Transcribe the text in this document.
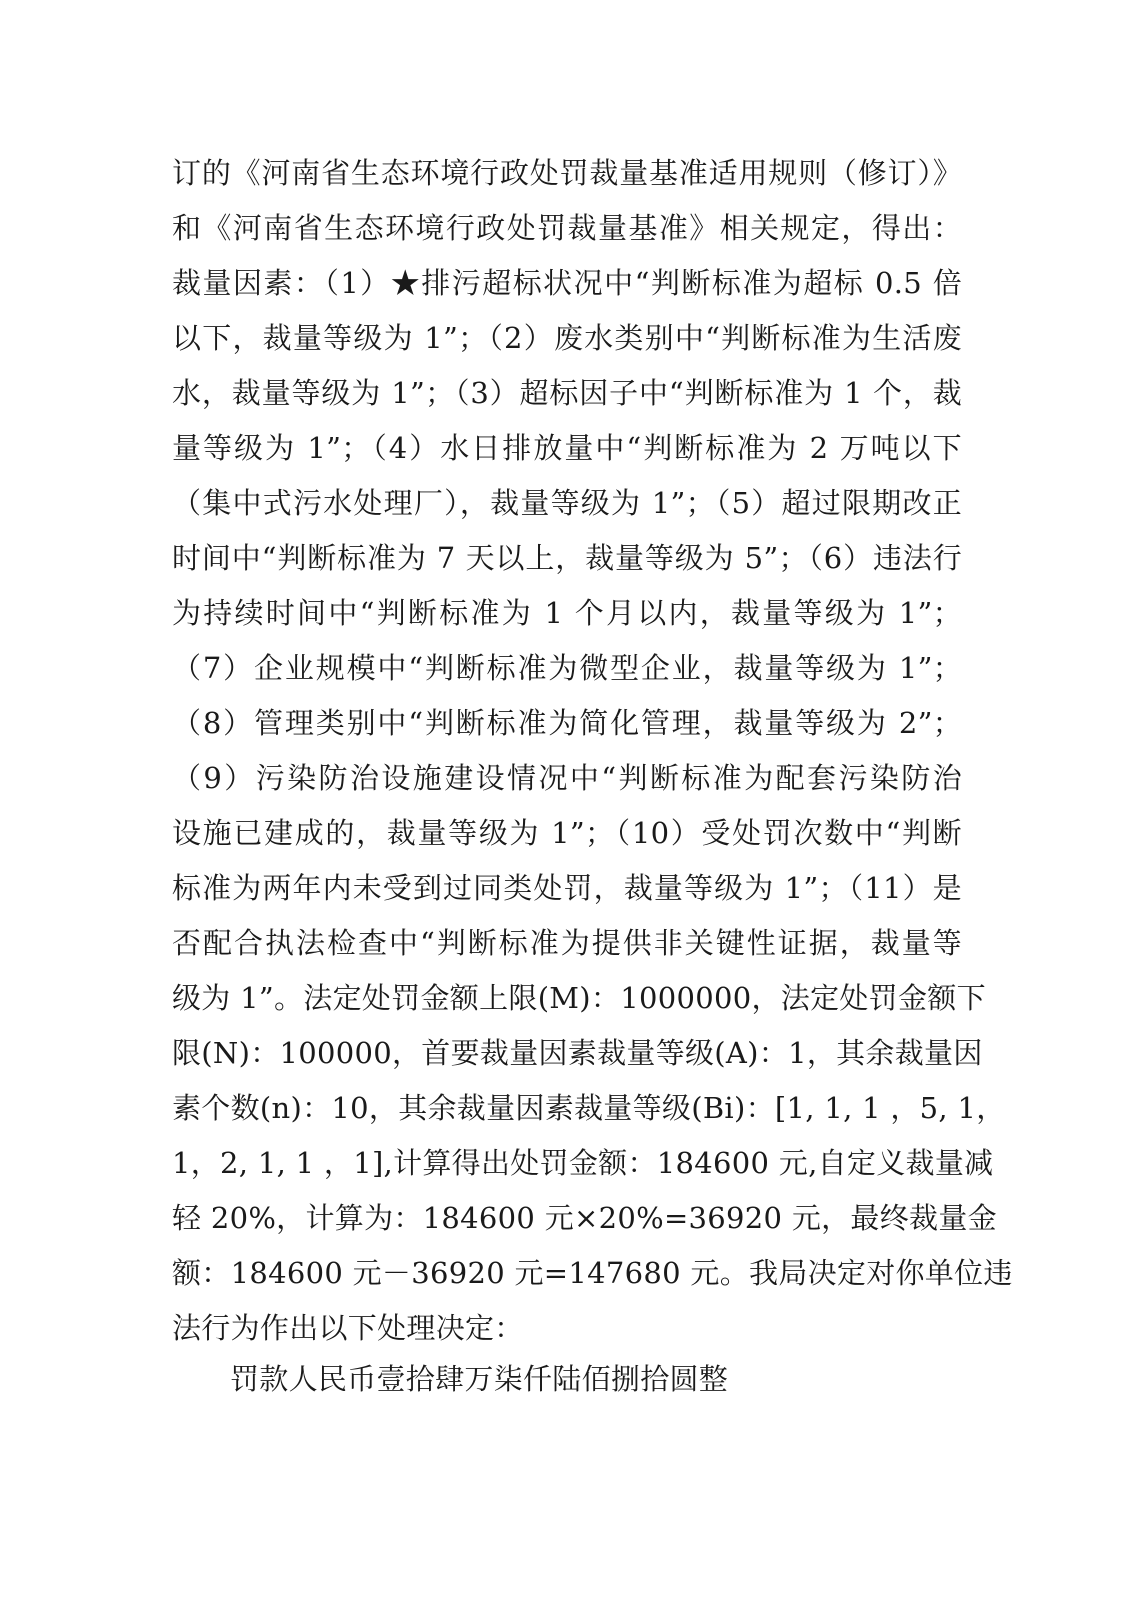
订的《河南省生态环境行政处罚裁量基准适用规则（修订）》
和《河南省生态环境行政处罚裁量基准》相关规定，得出：
裁量因素：（1）★排污超标状况中“判断标准为超标 0.5 倍
以下，裁量等级为 1”；（2）废水类别中“判断标准为生活废
水，裁量等级为 1”；（3）超标因子中“判断标准为 1 个，裁
量等级为 1”；（4）水日排放量中“判断标准为 2 万吨以下
（集中式污水处理厂），裁量等级为 1”；（5）超过限期改正
时间中“判断标准为 7 天以上，裁量等级为 5”；（6）违法行
为持续时间中“判断标准为 1 个月以内，裁量等级为 1”；
（7）企业规模中“判断标准为微型企业，裁量等级为 1”；
（8）管理类别中“判断标准为简化管理，裁量等级为 2”；
（9）污染防治设施建设情况中“判断标准为配套污染防治
设施已建成的，裁量等级为 1”；（10）受处罚次数中“判断
标准为两年内未受到过同类处罚，裁量等级为 1”；（11）是
否配合执法检查中“判断标准为提供非关键性证据，裁量等
级为 1”。法定处罚金额上限(M)：1000000，法定处罚金额下
限(N)：100000，首要裁量因素裁量等级(A)：1，其余裁量因
素个数(n)：10，其余裁量因素裁量等级(Bi)：[1, 1, 1 ，5, 1，
1，2, 1, 1 ，1],计算得出处罚金额：184600 元,自定义裁量减
轻 20%，计算为：184600 元×20%=36920 元，最终裁量金
额：184600 元－36920 元=147680 元。我局决定对你单位违
法行为作出以下处理决定：
罚款人民币壹拾肆万柒仟陆佰捌拾圆整
